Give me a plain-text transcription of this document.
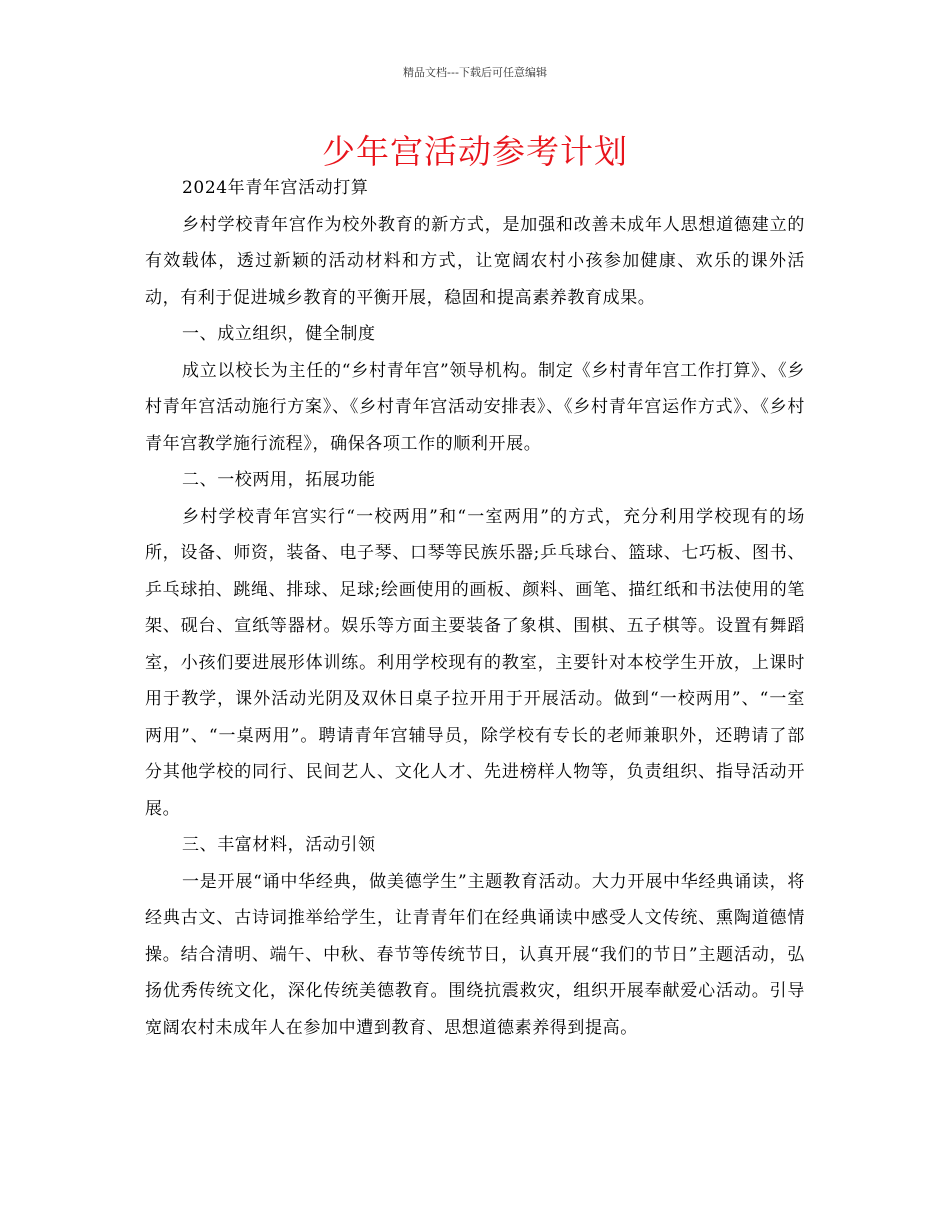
精品文档---下载后可任意编辑
少年宫活动参考计划

2024年青年宫活动打算

乡村学校青年宫作为校外教育的新方式，是加强和改善未成年人思想道德建立的有效载体，透过新颖的活动材料和方式，让宽阔农村小孩参加健康、欢乐的课外活动，有利于促进城乡教育的平衡开展，稳固和提高素养教育成果。

一、成立组织，健全制度

成立以校长为主任的“乡村青年宫”领导机构。制定《乡村青年宫工作打算》、《乡村青年宫活动施行方案》、《乡村青年宫活动安排表》、《乡村青年宫运作方式》、《乡村青年宫教学施行流程》，确保各项工作的顺利开展。

二、一校两用，拓展功能

乡村学校青年宫实行“一校两用”和“一室两用”的方式，充分利用学校现有的场所，设备、师资，装备、电子琴、口琴等民族乐器;乒乓球台、篮球、七巧板、图书、乒乓球拍、跳绳、排球、足球;绘画使用的画板、颜料、画笔、描红纸和书法使用的笔架、砚台、宣纸等器材。娱乐等方面主要装备了象棋、围棋、五子棋等。设置有舞蹈室，小孩们要进展形体训练。利用学校现有的教室，主要针对本校学生开放，上课时用于教学，课外活动光阴及双休日桌子拉开用于开展活动。做到“一校两用”、“一室两用”、“一桌两用”。聘请青年宫辅导员，除学校有专长的老师兼职外，还聘请了部分其他学校的同行、民间艺人、文化人才、先进榜样人物等，负责组织、指导活动开展。

三、丰富材料，活动引领

一是开展“诵中华经典，做美德学生”主题教育活动。大力开展中华经典诵读，将经典古文、古诗词推举给学生，让青青年们在经典诵读中感受人文传统、熏陶道德情操。结合清明、端午、中秋、春节等传统节日，认真开展“我们的节日”主题活动，弘扬优秀传统文化，深化传统美德教育。围绕抗震救灾，组织开展奉献爱心活动。引导宽阔农村未成年人在参加中遭到教育、思想道德素养得到提高。
